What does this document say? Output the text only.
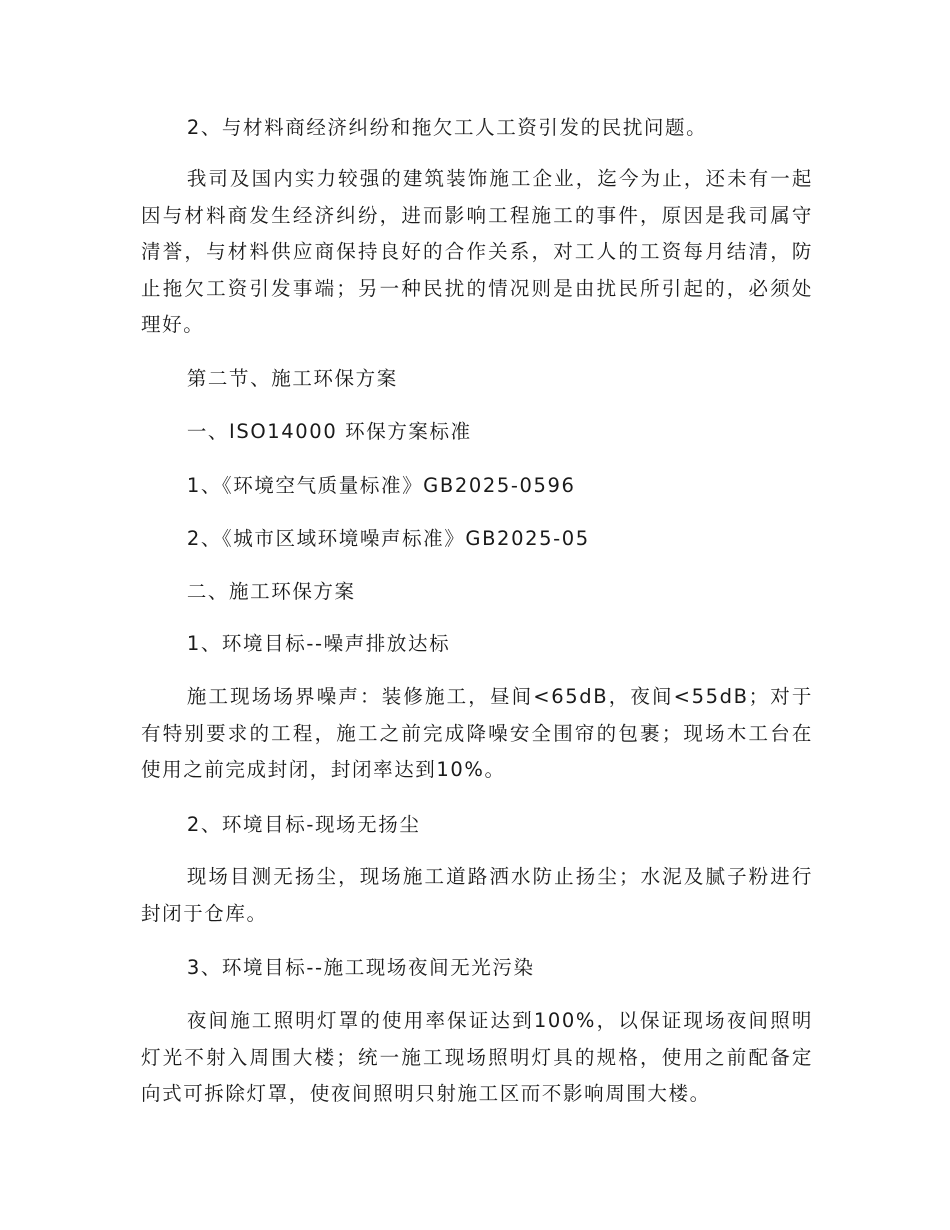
2、与材料商经济纠纷和拖欠工人工资引发的民扰问题。

我司及国内实力较强的建筑装饰施工企业，迄今为止，还未有一起因与材料商发生经济纠纷，进而影响工程施工的事件，原因是我司属守清誉，与材料供应商保持良好的合作关系，对工人的工资每月结清，防止拖欠工资引发事端；另一种民扰的情况则是由扰民所引起的，必须处理好。

第二节、施工环保方案

一、ISO14000 环保方案标准

1、《环境空气质量标准》GB2025-0596

2、《城市区域环境噪声标准》GB2025-05

二、施工环保方案

1、环境目标--噪声排放达标

施工现场场界噪声：装修施工，昼间<65dB，夜间<55dB；对于有特别要求的工程，施工之前完成降噪安全围帘的包裹；现场木工台在使用之前完成封闭，封闭率达到10%。

2、环境目标-现场无扬尘

现场目测无扬尘，现场施工道路洒水防止扬尘；水泥及腻子粉进行封闭于仓库。

3、环境目标--施工现场夜间无光污染

夜间施工照明灯罩的使用率保证达到100%，以保证现场夜间照明灯光不射入周围大楼；统一施工现场照明灯具的规格，使用之前配备定向式可拆除灯罩，使夜间照明只射施工区而不影响周围大楼。
